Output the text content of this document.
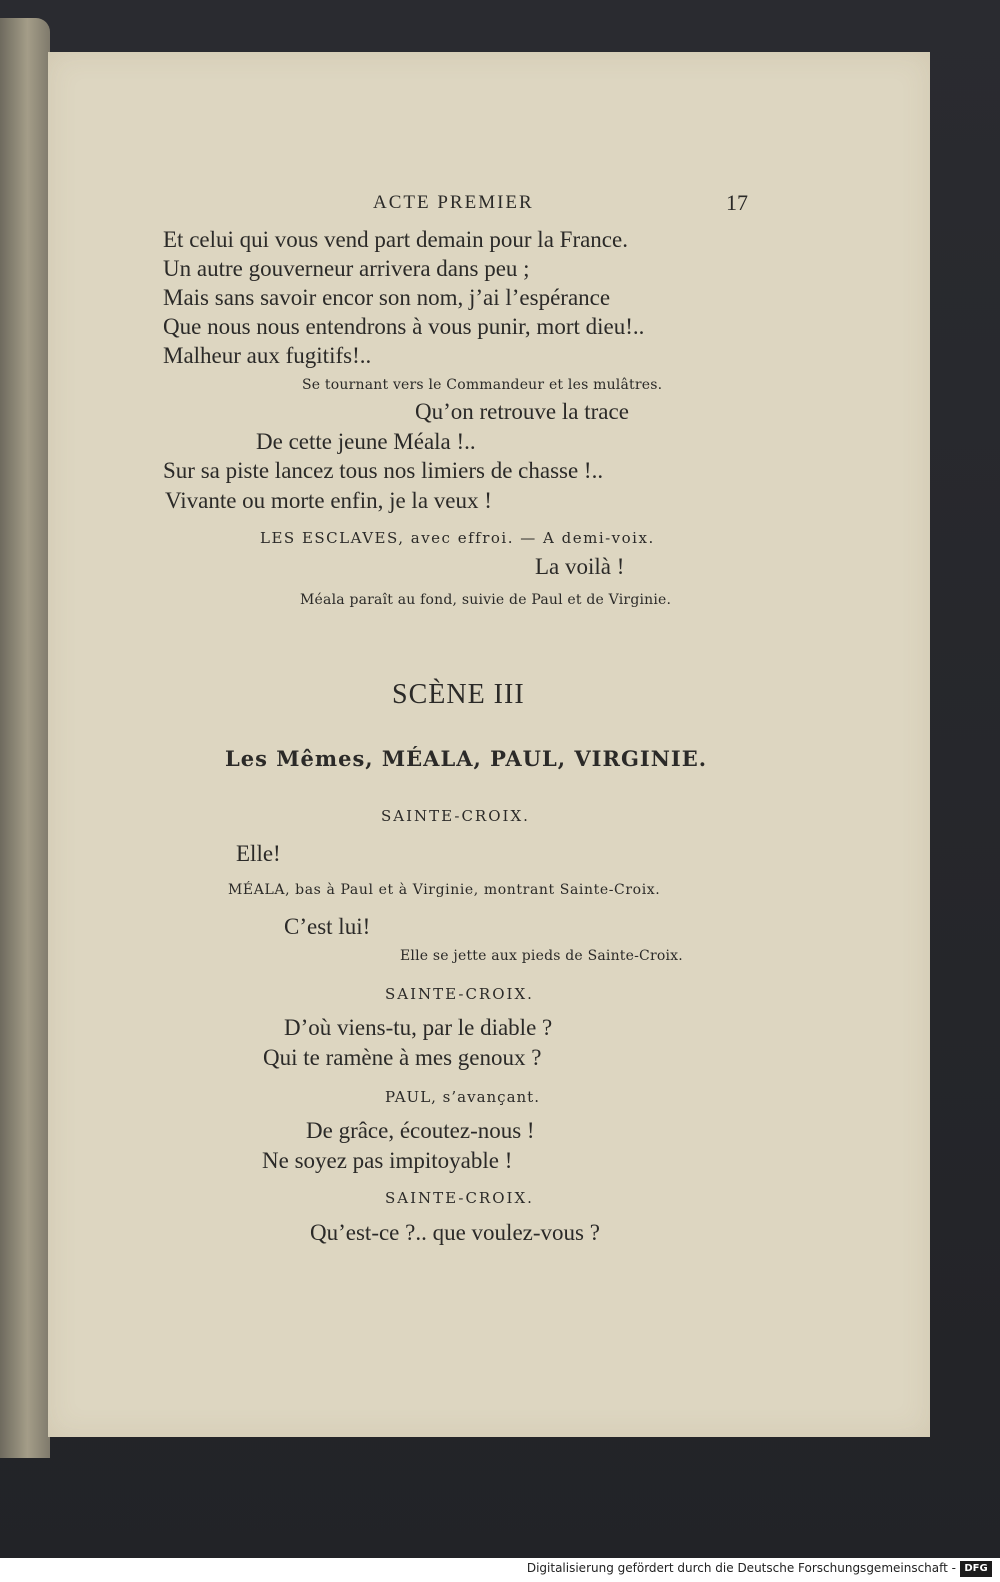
ACTE PREMIER	17
Et celui qui vous vend part demain pour la France.
Un autre gouverneur arrivera dans peu ;
Mais sans savoir encor son nom, j’ai l’espérance
Que nous nous entendrons à vous punir, mort dieu!..
Malheur aux fugitifs!..
Se tournant vers le Commandeur et les mulâtres.
Qu’on retrouve la trace
De cette jeune Méala !..
Sur sa piste lancez tous nos limiers de chasse !..
Vivante ou morte enfin, je la veux !
LES ESCLAVES, avec effroi. — A demi-voix.
La voilà !
Méala paraît au fond, suivie de Paul et de Virginie.
SCÈNE III
Les Mêmes, MÉALA, PAUL, VIRGINIE.
SAINTE-CROIX.
Elle!
MÉALA, bas à Paul et à Virginie, montrant Sainte-Croix.
C’est lui!
Elle se jette aux pieds de Sainte-Croix.
SAINTE-CROIX.
D’où viens-tu, par le diable ?
Qui te ramène à mes genoux ?
PAUL, s’avançant.
De grâce, écoutez-nous !
Ne soyez pas impitoyable !
SAINTE-CROIX.
Qu’est-ce ?.. que voulez-vous ?
Digitalisierung gefördert durch die Deutsche Forschungsgemeinschaft - DFG
